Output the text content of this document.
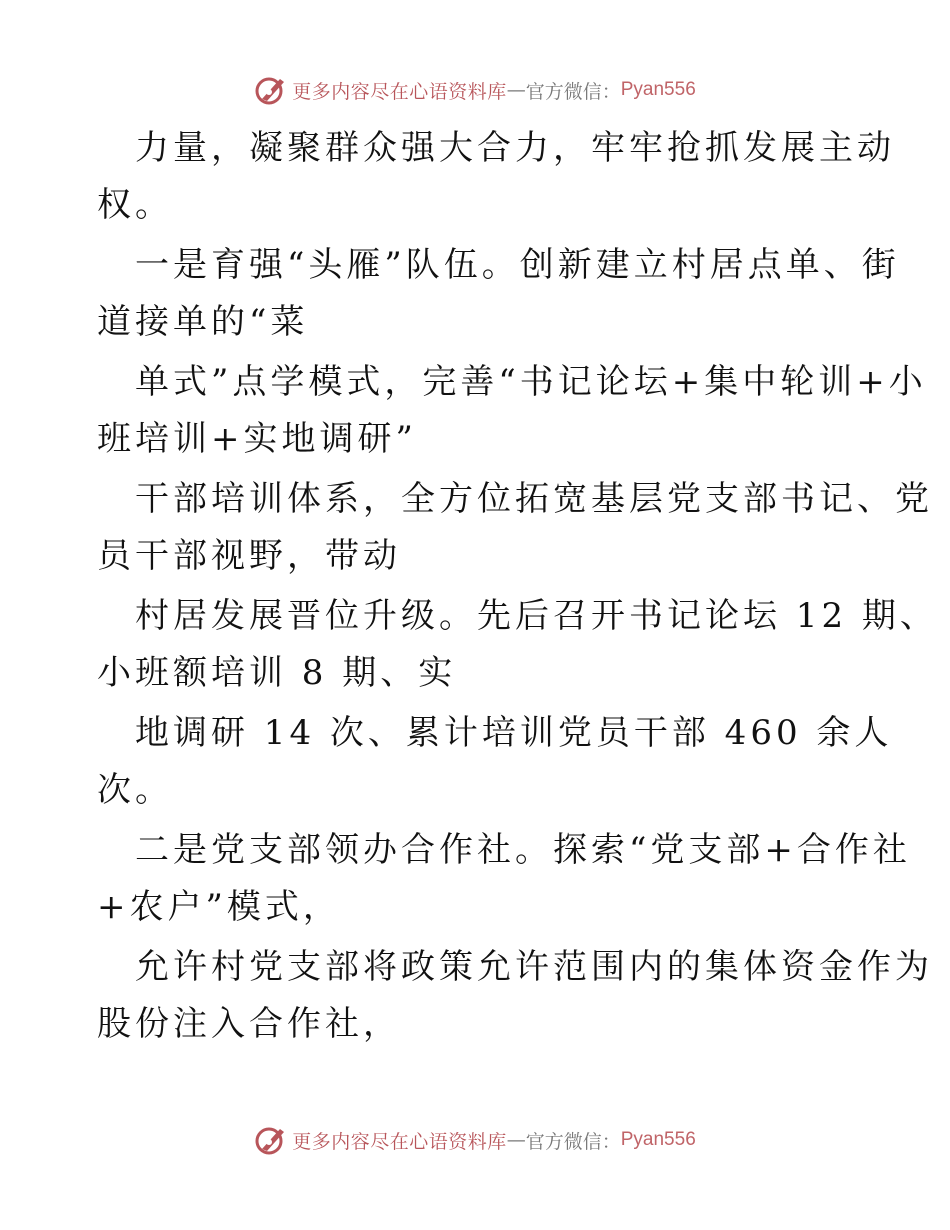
更多内容尽在心语资料库 — 官方微信： Pyan556
力量，凝聚群众强大合力，牢牢抢抓发展主动
权。
一是育强“头雁”队伍。创新建立村居点单、街
道接单的“菜
单式”点学模式，完善“书记论坛+集中轮训+小
班培训+实地调研”
干部培训体系，全方位拓宽基层党支部书记、党
员干部视野，带动
村居发展晋位升级。先后召开书记论坛 12 期、
小班额培训 8 期、实
地调研 14 次、累计培训党员干部 460 余人
次。
二是党支部领办合作社。探索“党支部+合作社
+农户”模式，
允许村党支部将政策允许范围内的集体资金作为
股份注入合作社，
更多内容尽在心语资料库 — 官方微信： Pyan556
